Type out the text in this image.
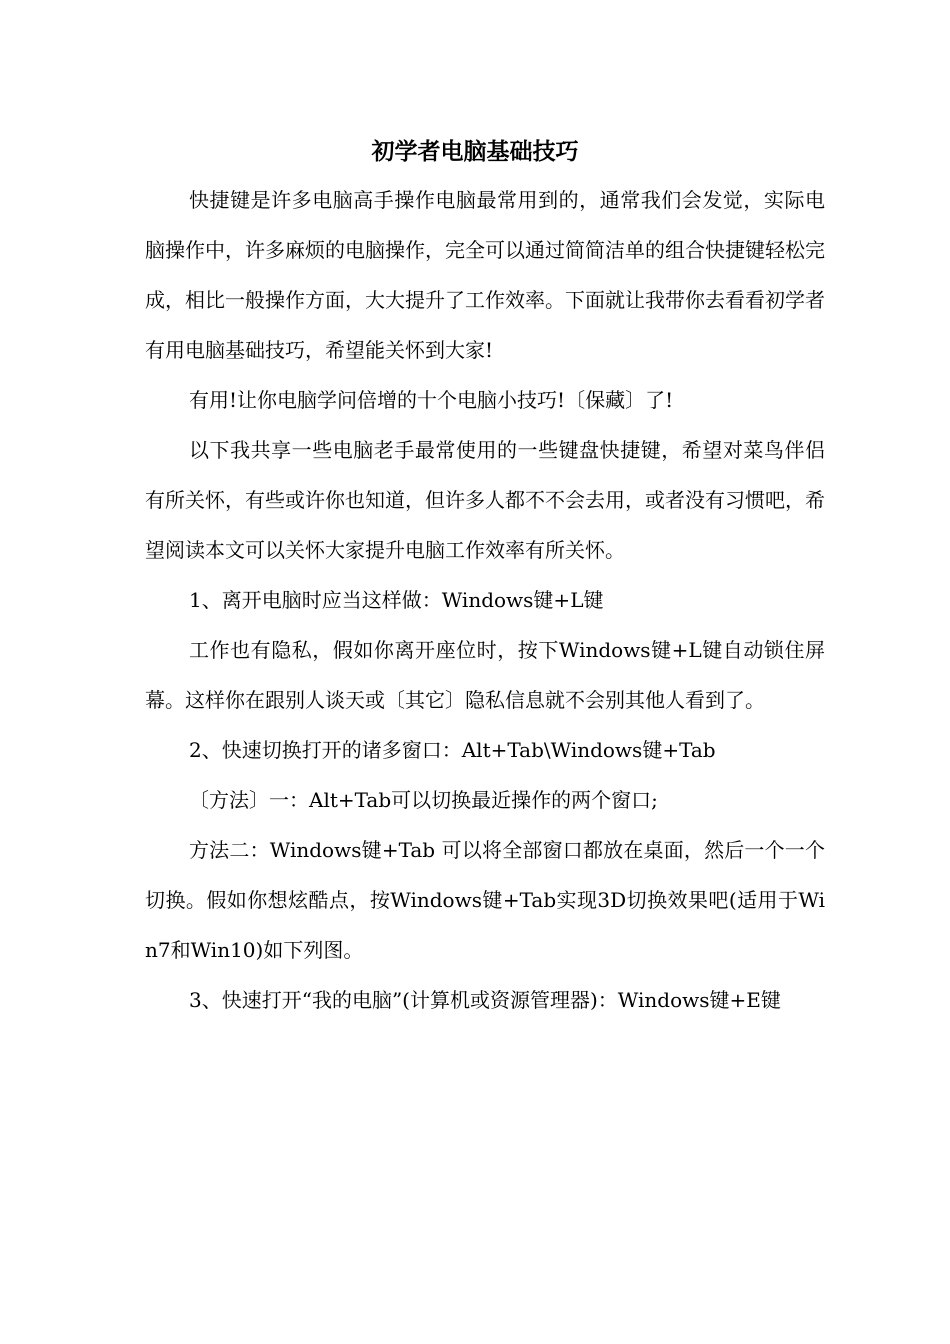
初学者电脑基础技巧

快捷键是许多电脑高手操作电脑最常用到的，通常我们会发觉，实际电脑操作中，许多麻烦的电脑操作，完全可以通过简简洁单的组合快捷键轻松完成，相比一般操作方面，大大提升了工作效率。下面就让我带你去看看初学者有用电脑基础技巧，希望能关怀到大家!

有用!让你电脑学问倍增的十个电脑小技巧!〔保藏〕了!

以下我共享一些电脑老手最常使用的一些键盘快捷键，希望对菜鸟伴侣有所关怀，有些或许你也知道，但许多人都不不会去用，或者没有习惯吧，希望阅读本文可以关怀大家提升电脑工作效率有所关怀。

1、离开电脑时应当这样做：Windows键+L键

工作也有隐私，假如你离开座位时，按下Windows键+L键自动锁住屏幕。这样你在跟别人谈天或〔其它〕隐私信息就不会别其他人看到了。

2、快速切换打开的诸多窗口：Alt+Tab\Windows键+Tab

〔方法〕一：Alt+Tab可以切换最近操作的两个窗口;

方法二：Windows键+Tab 可以将全部窗口都放在桌面，然后一个一个切换。假如你想炫酷点，按Windows键+Tab实现3D切换效果吧(适用于Win7和Win10)如下列图。

3、快速打开“我的电脑”(计算机或资源管理器)：Windows键+E键
